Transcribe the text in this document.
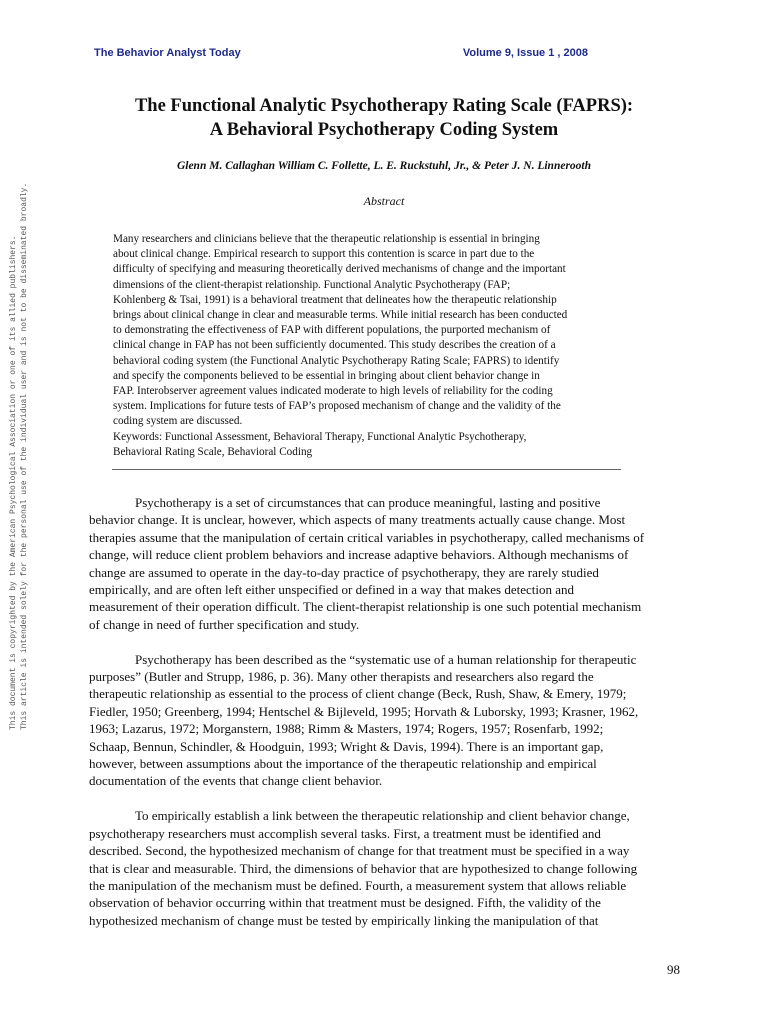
The Behavior Analyst Today	Volume 9, Issue 1 , 2008
The Functional Analytic Psychotherapy Rating Scale (FAPRS):
A Behavioral Psychotherapy Coding System
Glenn M. Callaghan William C. Follette, L. E. Ruckstuhl, Jr., & Peter J. N. Linnerooth
Abstract
Many researchers and clinicians believe that the therapeutic relationship is essential in bringing
about clinical change. Empirical research to support this contention is scarce in part due to the
difficulty of specifying and measuring theoretically derived mechanisms of change and the important
dimensions of the client-therapist relationship. Functional Analytic Psychotherapy (FAP;
Kohlenberg & Tsai, 1991) is a behavioral treatment that delineates how the therapeutic relationship
brings about clinical change in clear and measurable terms. While initial research has been conducted
to demonstrating the effectiveness of FAP with different populations, the purported mechanism of
clinical change in FAP has not been sufficiently documented. This study describes the creation of a
behavioral coding system (the Functional Analytic Psychotherapy Rating Scale; FAPRS) to identify
and specify the components believed to be essential in bringing about client behavior change in
FAP. Interobserver agreement values indicated moderate to high levels of reliability for the coding
system. Implications for future tests of FAP’s proposed mechanism of change and the validity of the
coding system are discussed.
Keywords: Functional Assessment, Behavioral Therapy, Functional Analytic Psychotherapy,
Behavioral Rating Scale, Behavioral Coding
Psychotherapy is a set of circumstances that can produce meaningful, lasting and positive
behavior change. It is unclear, however, which aspects of many treatments actually cause change. Most
therapies assume that the manipulation of certain critical variables in psychotherapy, called mechanisms of
change, will reduce client problem behaviors and increase adaptive behaviors. Although mechanisms of
change are assumed to operate in the day-to-day practice of psychotherapy, they are rarely studied
empirically, and are often left either unspecified or defined in a way that makes detection and
measurement of their operation difficult. The client-therapist relationship is one such potential mechanism
of change in need of further specification and study.
Psychotherapy has been described as the “systematic use of a human relationship for therapeutic
purposes” (Butler and Strupp, 1986, p. 36). Many other therapists and researchers also regard the
therapeutic relationship as essential to the process of client change (Beck, Rush, Shaw, & Emery, 1979;
Fiedler, 1950; Greenberg, 1994; Hentschel & Bijleveld, 1995; Horvath & Luborsky, 1993; Krasner, 1962,
1963; Lazarus, 1972; Morganstern, 1988; Rimm & Masters, 1974; Rogers, 1957; Rosenfarb, 1992;
Schaap, Bennun, Schindler, & Hoodguin, 1993; Wright & Davis, 1994). There is an important gap,
however, between assumptions about the importance of the therapeutic relationship and empirical
documentation of the events that change client behavior.
To empirically establish a link between the therapeutic relationship and client behavior change,
psychotherapy researchers must accomplish several tasks. First, a treatment must be identified and
described. Second, the hypothesized mechanism of change for that treatment must be specified in a way
that is clear and measurable. Third, the dimensions of behavior that are hypothesized to change following
the manipulation of the mechanism must be defined. Fourth, a measurement system that allows reliable
observation of behavior occurring within that treatment must be designed. Fifth, the validity of the
hypothesized mechanism of change must be tested by empirically linking the manipulation of that
This document is copyrighted by the American Psychological Association or one of its allied publishers. This article is intended solely for the personal use of the individual user and is not to be disseminated broadly.
98
